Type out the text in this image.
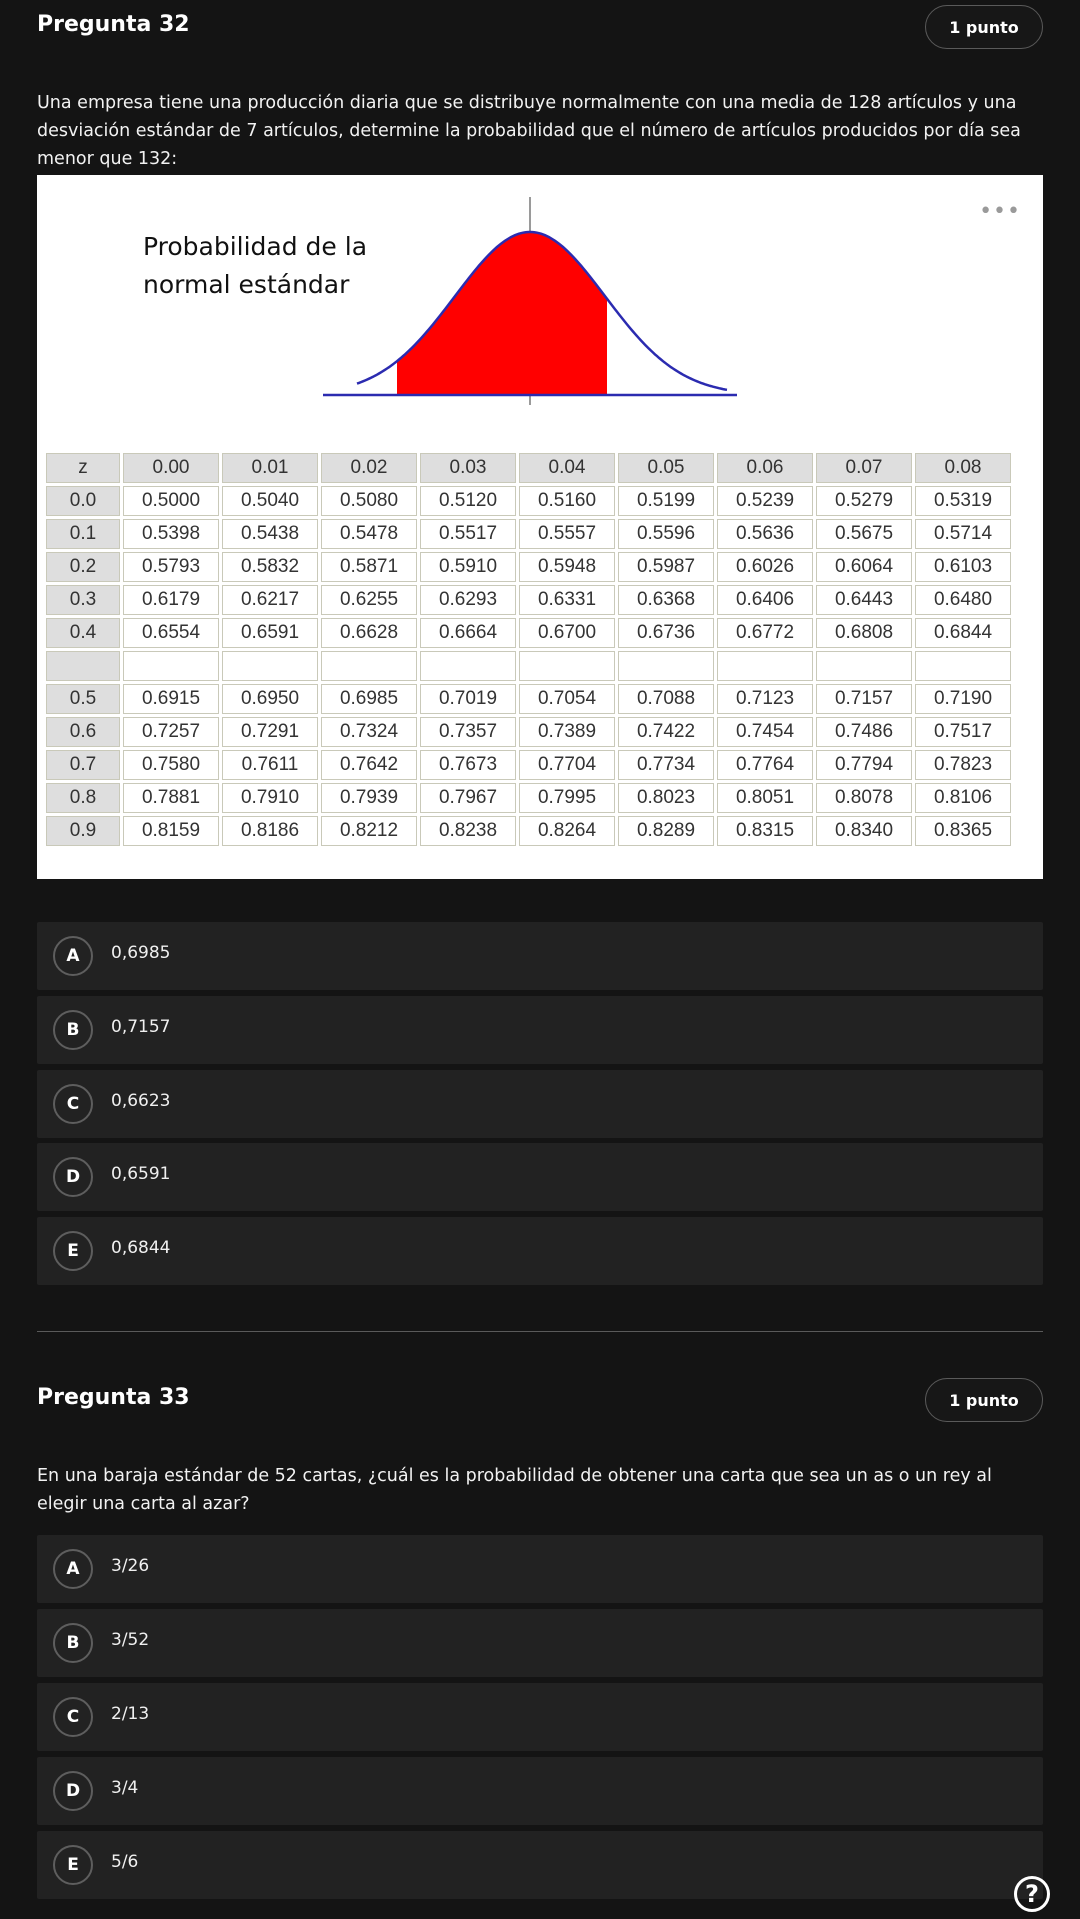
Pregunta 32	1 punto
Una empresa tiene una producción diaria que se distribuye normalmente con una media de 128 artículos y una desviación estándar de 7 artículos, determine la probabilidad que el número de artículos producidos por día sea menor que 132:
•••
Probabilidad de la
normal estándar
z	0.00	0.01	0.02	0.03	0.04	0.05	0.06	0.07	0.08
0.0	0.5000	0.5040	0.5080	0.5120	0.5160	0.5199	0.5239	0.5279	0.5319
0.1	0.5398	0.5438	0.5478	0.5517	0.5557	0.5596	0.5636	0.5675	0.5714
0.2	0.5793	0.5832	0.5871	0.5910	0.5948	0.5987	0.6026	0.6064	0.6103
0.3	0.6179	0.6217	0.6255	0.6293	0.6331	0.6368	0.6406	0.6443	0.6480
0.4	0.6554	0.6591	0.6628	0.6664	0.6700	0.6736	0.6772	0.6808	0.6844

0.5	0.6915	0.6950	0.6985	0.7019	0.7054	0.7088	0.7123	0.7157	0.7190
0.6	0.7257	0.7291	0.7324	0.7357	0.7389	0.7422	0.7454	0.7486	0.7517
0.7	0.7580	0.7611	0.7642	0.7673	0.7704	0.7734	0.7764	0.7794	0.7823
0.8	0.7881	0.7910	0.7939	0.7967	0.7995	0.8023	0.8051	0.8078	0.8106
0.9	0.8159	0.8186	0.8212	0.8238	0.8264	0.8289	0.8315	0.8340	0.8365
A	0,6985
B	0,7157
C	0,6623
D	0,6591
E	0,6844
Pregunta 33	1 punto
En una baraja estándar de 52 cartas, ¿cuál es la probabilidad de obtener una carta que sea un as o un rey al elegir una carta al azar?
A	3/26
B	3/52
C	2/13
D	3/4
E	5/6
?
